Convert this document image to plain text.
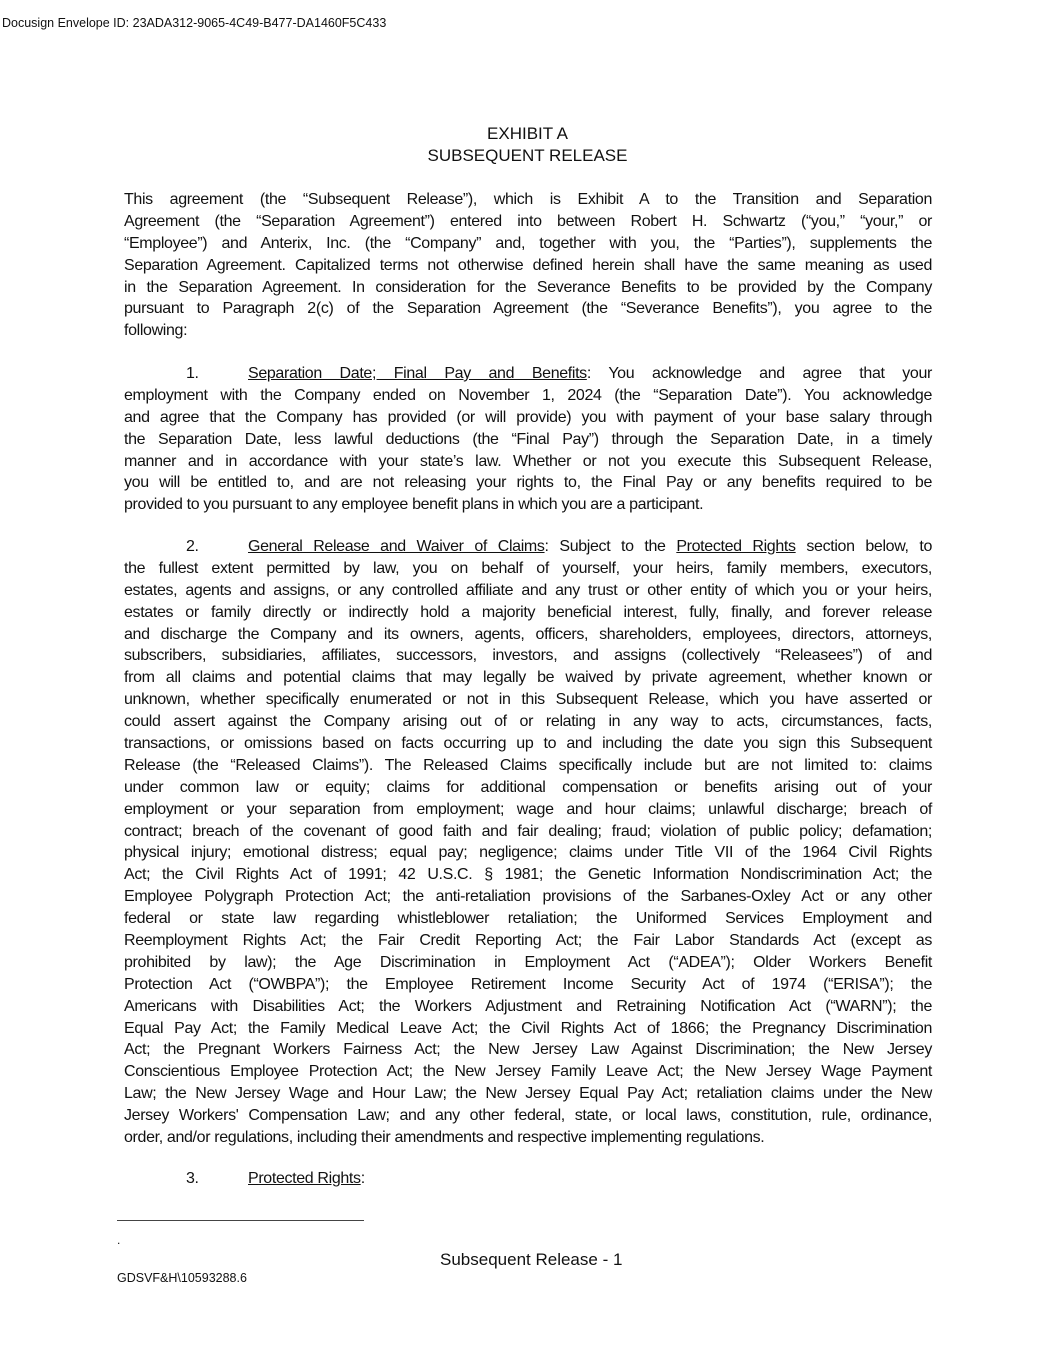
Docusign Envelope ID: 23ADA312-9065-4C49-B477-DA1460F5C433
EXHIBIT A
SUBSEQUENT RELEASE
This agreement (the “Subsequent Release”), which is Exhibit A to the Transition and Separation
Agreement (the “Separation Agreement”) entered into between Robert H. Schwartz (“you,” “your,” or
“Employee”) and Anterix, Inc. (the “Company” and, together with you, the “Parties”), supplements the
Separation Agreement. Capitalized terms not otherwise defined herein shall have the same meaning as used
in the Separation Agreement. In consideration for the Severance Benefits to be provided by the Company
pursuant to Paragraph 2(c) of the Separation Agreement (the “Severance Benefits”), you agree to the
following:
1.	Separation Date; Final Pay and Benefits: You acknowledge and agree that your
employment with the Company ended on November 1, 2024 (the “Separation Date”). You acknowledge
and agree that the Company has provided (or will provide) you with payment of your base salary through
the Separation Date, less lawful deductions (the “Final Pay”) through the Separation Date, in a timely
manner and in accordance with your state’s law. Whether or not you execute this Subsequent Release,
you will be entitled to, and are not releasing your rights to, the Final Pay or any benefits required to be
provided to you pursuant to any employee benefit plans in which you are a participant.
2.	General Release and Waiver of Claims: Subject to the Protected Rights section below, to
the fullest extent permitted by law, you on behalf of yourself, your heirs, family members, executors,
estates, agents and assigns, or any controlled affiliate and any trust or other entity of which you or your heirs,
estates or family directly or indirectly hold a majority beneficial interest, fully, finally, and forever release
and discharge the Company and its owners, agents, officers, shareholders, employees, directors, attorneys,
subscribers, subsidiaries, affiliates, successors, investors, and assigns (collectively “Releasees”) of and
from all claims and potential claims that may legally be waived by private agreement, whether known or
unknown, whether specifically enumerated or not in this Subsequent Release, which you have asserted or
could assert against the Company arising out of or relating in any way to acts, circumstances, facts,
transactions, or omissions based on facts occurring up to and including the date you sign this Subsequent
Release (the “Released Claims”). The Released Claims specifically include but are not limited to: claims
under common law or equity; claims for additional compensation or benefits arising out of your
employment or your separation from employment; wage and hour claims; unlawful discharge; breach of
contract; breach of the covenant of good faith and fair dealing; fraud; violation of public policy; defamation;
physical injury; emotional distress; equal pay; negligence; claims under Title VII of the 1964 Civil Rights
Act; the Civil Rights Act of 1991; 42 U.S.C. § 1981; the Genetic Information Nondiscrimination Act; the
Employee Polygraph Protection Act; the anti-retaliation provisions of the Sarbanes-Oxley Act or any other
federal or state law regarding whistleblower retaliation; the Uniformed Services Employment and
Reemployment Rights Act; the Fair Credit Reporting Act; the Fair Labor Standards Act (except as
prohibited by law); the Age Discrimination in Employment Act (“ADEA”); Older Workers Benefit
Protection Act (“OWBPA”); the Employee Retirement Income Security Act of 1974 (“ERISA”); the
Americans with Disabilities Act; the Workers Adjustment and Retraining Notification Act (“WARN”); the
Equal Pay Act; the Family Medical Leave Act; the Civil Rights Act of 1866; the Pregnancy Discrimination
Act; the Pregnant Workers Fairness Act; the New Jersey Law Against Discrimination; the New Jersey
Conscientious Employee Protection Act; the New Jersey Family Leave Act; the New Jersey Wage Payment
Law; the New Jersey Wage and Hour Law; the New Jersey Equal Pay Act; retaliation claims under the New
Jersey Workers' Compensation Law; and any other federal, state, or local laws, constitution, rule, ordinance,
order, and/or regulations, including their amendments and respective implementing regulations.
3.	Protected Rights:
.
Subsequent Release - 1
GDSVF&H\10593288.6
